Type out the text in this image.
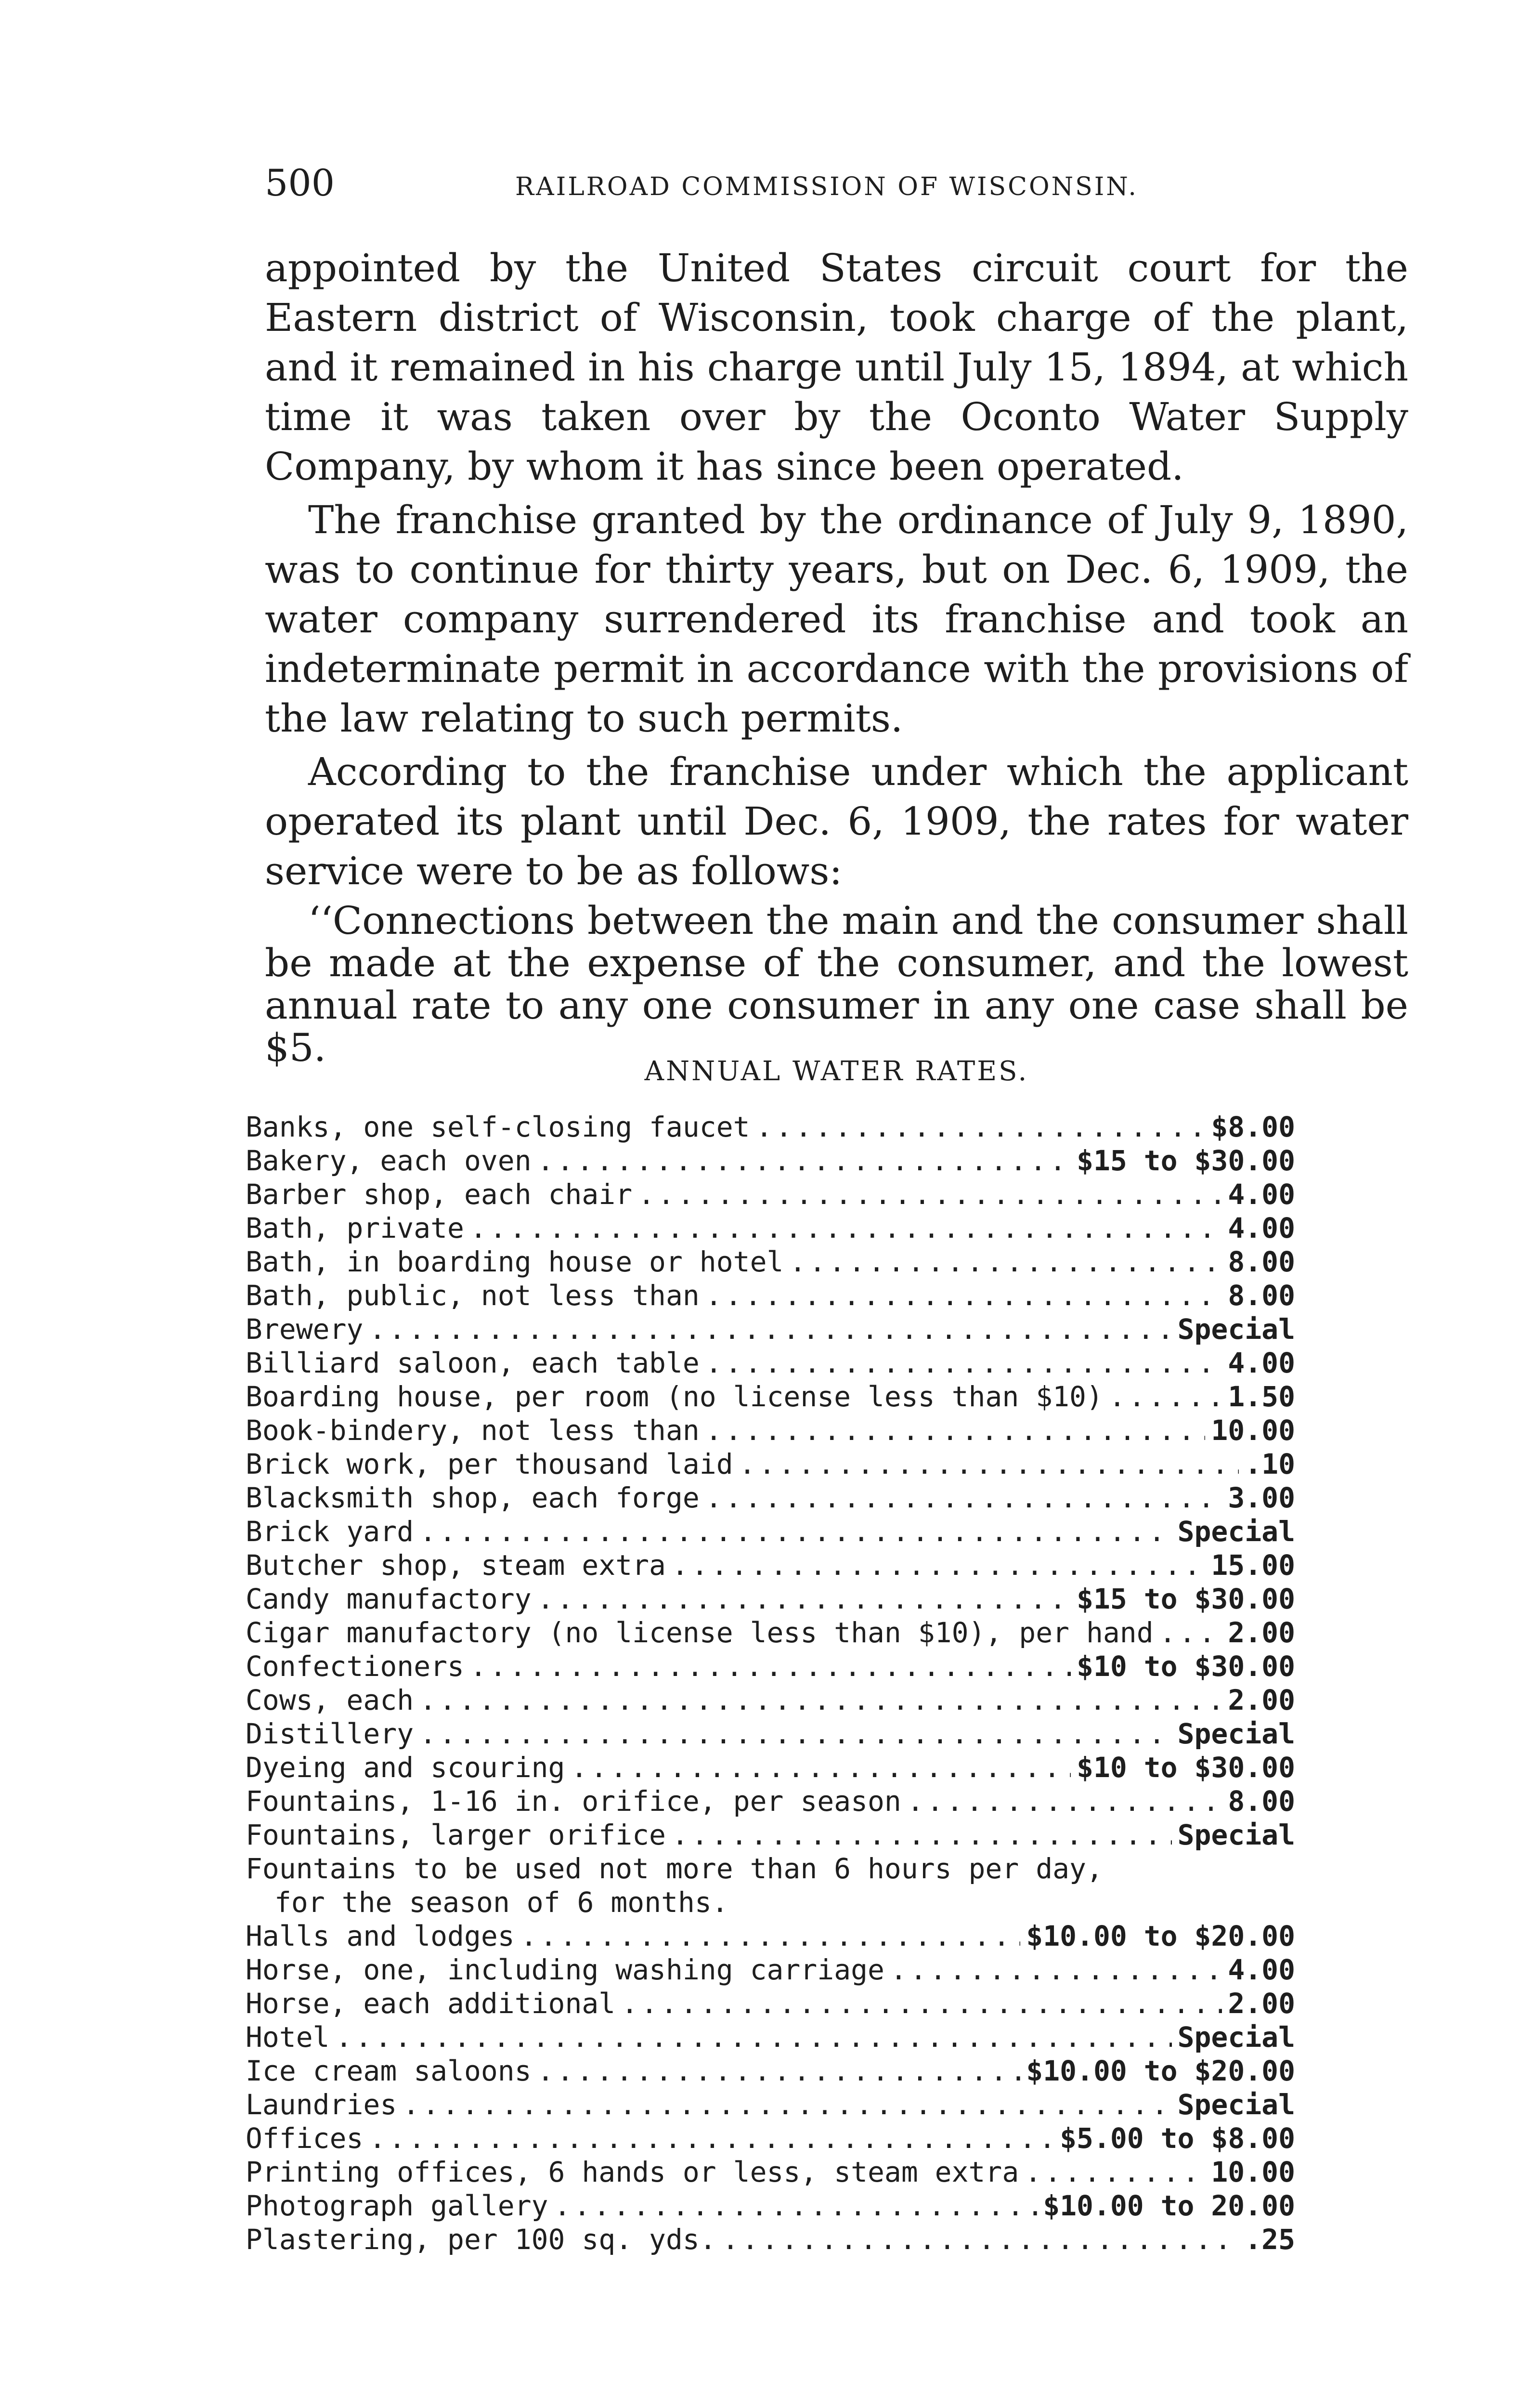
500	RAILROAD COMMISSION OF WISCONSIN.

appointed by the United States circuit court for the Eastern district of Wisconsin, took charge of the plant, and it remained in his charge until July 15, 1894, at which time it was taken over by the Oconto Water Supply Company, by whom it has since been operated.

The franchise granted by the ordinance of July 9, 1890, was to continue for thirty years, but on Dec. 6, 1909, the water company surrendered its franchise and took an indeterminate permit in accordance with the provisions of the law relating to such permits.

According to the franchise under which the applicant operated its plant until Dec. 6, 1909, the rates for water service were to be as follows:

‘‘Connections between the main and the consumer shall be made at the expense of the consumer, and the lowest annual rate to any one consumer in any one case shall be $5.

ANNUAL WATER RATES.
Banks, one self-closing faucet .....	$8.00
Bakery, each oven .....	$15 to $30.00
Barber shop, each chair .....	4.00
Bath, private .....	4.00
Bath, in boarding house or hotel .....	8.00
Bath, public, not less than .....	8.00
Brewery .....	Special
Billiard saloon, each table .....	4.00
Boarding house, per room (no license less than $10) .....	1.50
Book-bindery, not less than .....	10.00
Brick work, per thousand laid .....	.10
Blacksmith shop, each forge .....	3.00
Brick yard .....	Special
Butcher shop, steam extra .....	15.00
Candy manufactory .....	$15 to $30.00
Cigar manufactory (no license less than $10), per hand .....	2.00
Confectioners .....	$10 to $30.00
Cows, each .....	2.00
Distillery .....	Special
Dyeing and scouring .....	$10 to $30.00
Fountains, 1-16 in. orifice, per season .....	8.00
Fountains, larger orifice .....	Special
Fountains to be used not more than 6 hours per day,
for the season of 6 months.
Halls and lodges .....	$10.00 to $20.00
Horse, one, including washing carriage .....	4.00
Horse, each additional .....	2.00
Hotel .....	Special
Ice cream saloons .....	$10.00 to $20.00
Laundries .....	Special
Offices .....	$5.00 to $8.00
Printing offices, 6 hands or less, steam extra .....	10.00
Photograph gallery .....	$10.00 to 20.00
Plastering, per 100 sq. yds. .....	.25
